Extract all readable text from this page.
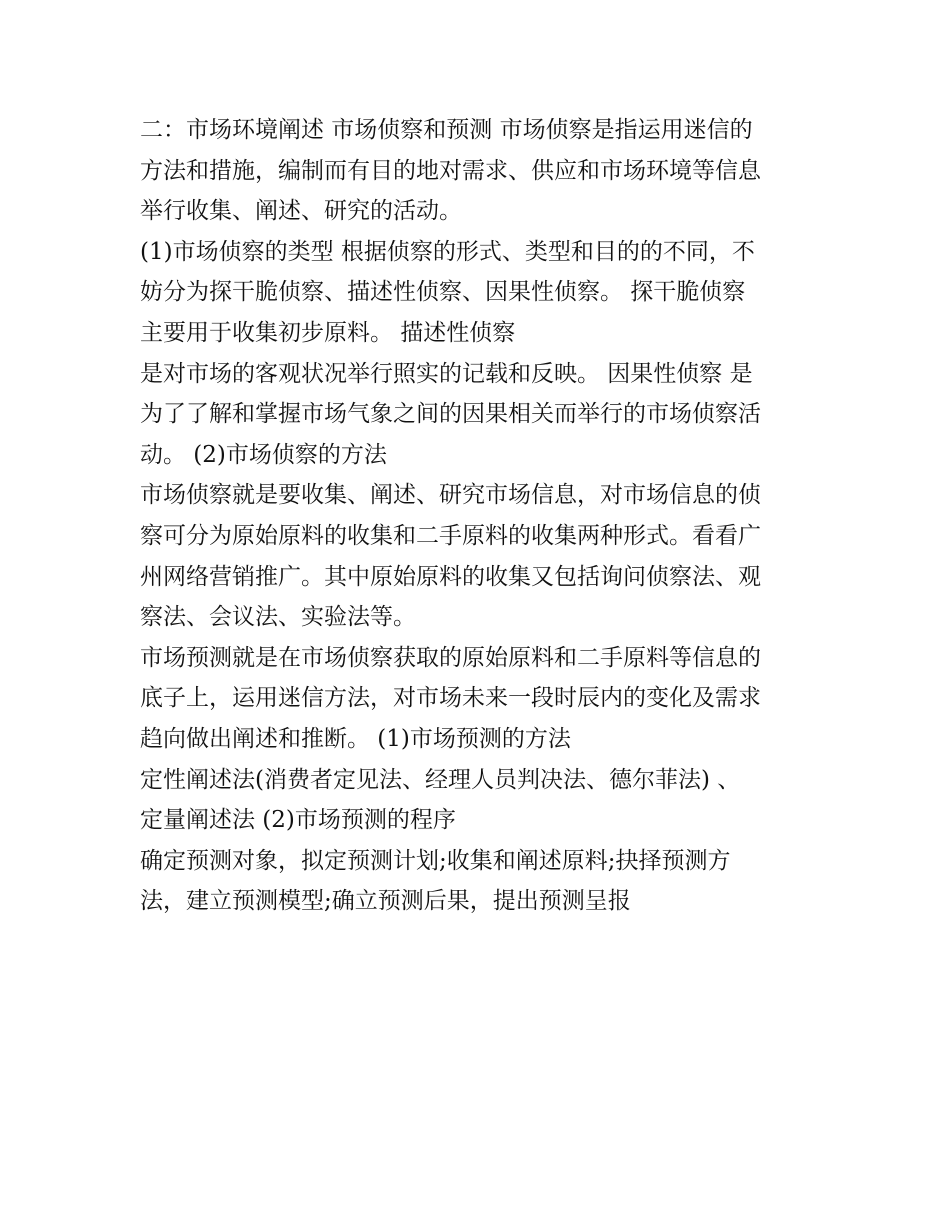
二：市场环境阐述 市场侦察和预测 市场侦察是指运用迷信的
方法和措施，编制而有目的地对需求、供应和市场环境等信息
举行收集、阐述、研究的活动。
(1)市场侦察的类型 根据侦察的形式、类型和目的的不同，不
妨分为探干脆侦察、描述性侦察、因果性侦察。 探干脆侦察
主要用于收集初步原料。 描述性侦察
是对市场的客观状况举行照实的记载和反映。 因果性侦察 是
为了了解和掌握市场气象之间的因果相关而举行的市场侦察活
动。 (2)市场侦察的方法
市场侦察就是要收集、阐述、研究市场信息，对市场信息的侦
察可分为原始原料的收集和二手原料的收集两种形式。看看广
州网络营销推广。其中原始原料的收集又包括询问侦察法、观
察法、会议法、实验法等。
市场预测就是在市场侦察获取的原始原料和二手原料等信息的
底子上，运用迷信方法，对市场未来一段时辰内的变化及需求
趋向做出阐述和推断。 (1)市场预测的方法
定性阐述法(消费者定见法、经理人员判决法、德尔菲法) 、
定量阐述法 (2)市场预测的程序
确定预测对象，拟定预测计划;收集和阐述原料;抉择预测方
法，建立预测模型;确立预测后果，提出预测呈报
